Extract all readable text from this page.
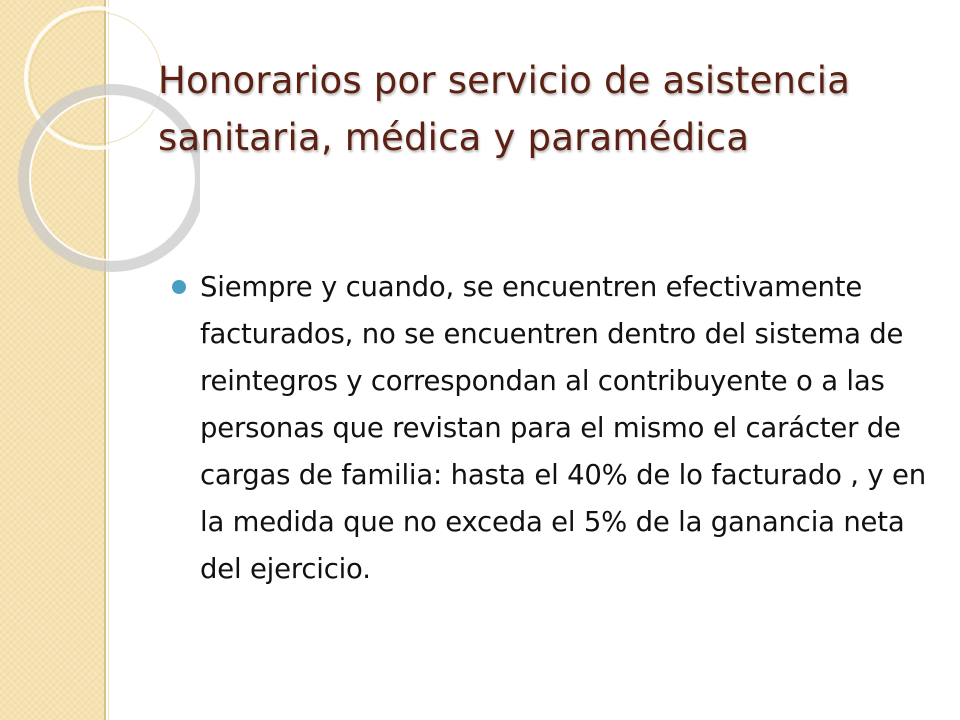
Honorarios por servicio de asistencia sanitaria, médica y paramédica
Siempre y cuando, se encuentren efectivamente facturados, no se encuentren dentro del sistema de reintegros y correspondan al contribuyente o a las personas que revistan para el mismo el carácter de cargas de familia: hasta el 40% de lo facturado , y en la medida que no exceda el 5% de la ganancia neta del ejercicio.
